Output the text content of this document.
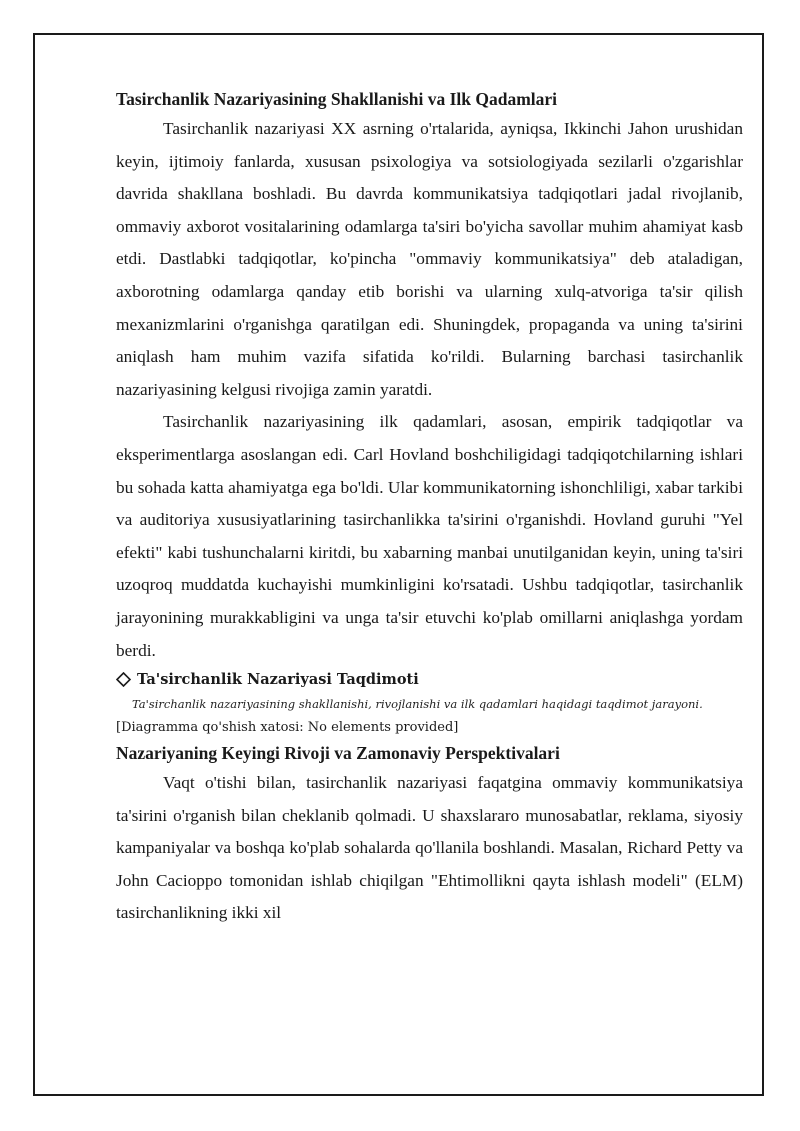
Tasirchanlik Nazariyasining Shakllanishi va Ilk Qadamlari

Tasirchanlik nazariyasi XX asrning o'rtalarida, ayniqsa, Ikkinchi Jahon urushidan keyin, ijtimoiy fanlarda, xususan psixologiya va sotsiologiyada sezilarli o'zgarishlar davrida shakllana boshladi. Bu davrda kommunikatsiya tadqiqotlari jadal rivojlanib, ommaviy axborot vositalarining odamlarga ta'siri bo'yicha savollar muhim ahamiyat kasb etdi. Dastlabki tadqiqotlar, ko'pincha "ommaviy kommunikatsiya" deb ataladigan, axborotning odamlarga qanday etib borishi va ularning xulq-atvoriga ta'sir qilish mexanizmlarini o'rganishga qaratilgan edi. Shuningdek, propaganda va uning ta'sirini aniqlash ham muhim vazifa sifatida ko'rildi. Bularning barchasi tasirchanlik nazariyasining kelgusi rivojiga zamin yaratdi.

Tasirchanlik nazariyasining ilk qadamlari, asosan, empirik tadqiqotlar va eksperimentlarga asoslangan edi. Carl Hovland boshchiligidagi tadqiqotchilarning ishlari bu sohada katta ahamiyatga ega bo'ldi. Ular kommunikatorning ishonchliligi, xabar tarkibi va auditoriya xususiyatlarining tasirchanlikka ta'sirini o'rganishdi. Hovland guruhi "Yel efekti" kabi tushunchalarni kiritdi, bu xabarning manbai unutilganidan keyin, uning ta'siri uzoqroq muddatda kuchayishi mumkinligini ko'rsatadi. Ushbu tadqiqotlar, tasirchanlik jarayonining murakkabligini va unga ta'sir etuvchi ko'plab omillarni aniqlashga yordam berdi.

Ta'sirchanlik Nazariyasi Taqdimoti
Ta'sirchanlik nazariyasining shakllanishi, rivojlanishi va ilk qadamlari haqidagi taqdimot jarayoni.
[Diagramma qo'shish xatosi: No elements provided]
Nazariyaning Keyingi Rivoji va Zamonaviy Perspektivalari

Vaqt o'tishi bilan, tasirchanlik nazariyasi faqatgina ommaviy kommunikatsiya ta'sirini o'rganish bilan cheklanib qolmadi. U shaxslararo munosabatlar, reklama, siyosiy kampaniyalar va boshqa ko'plab sohalarda qo'llanila boshlandi. Masalan, Richard Petty va John Cacioppo tomonidan ishlab chiqilgan "Ehtimollikni qayta ishlash modeli" (ELM) tasirchanlikning ikki xil
